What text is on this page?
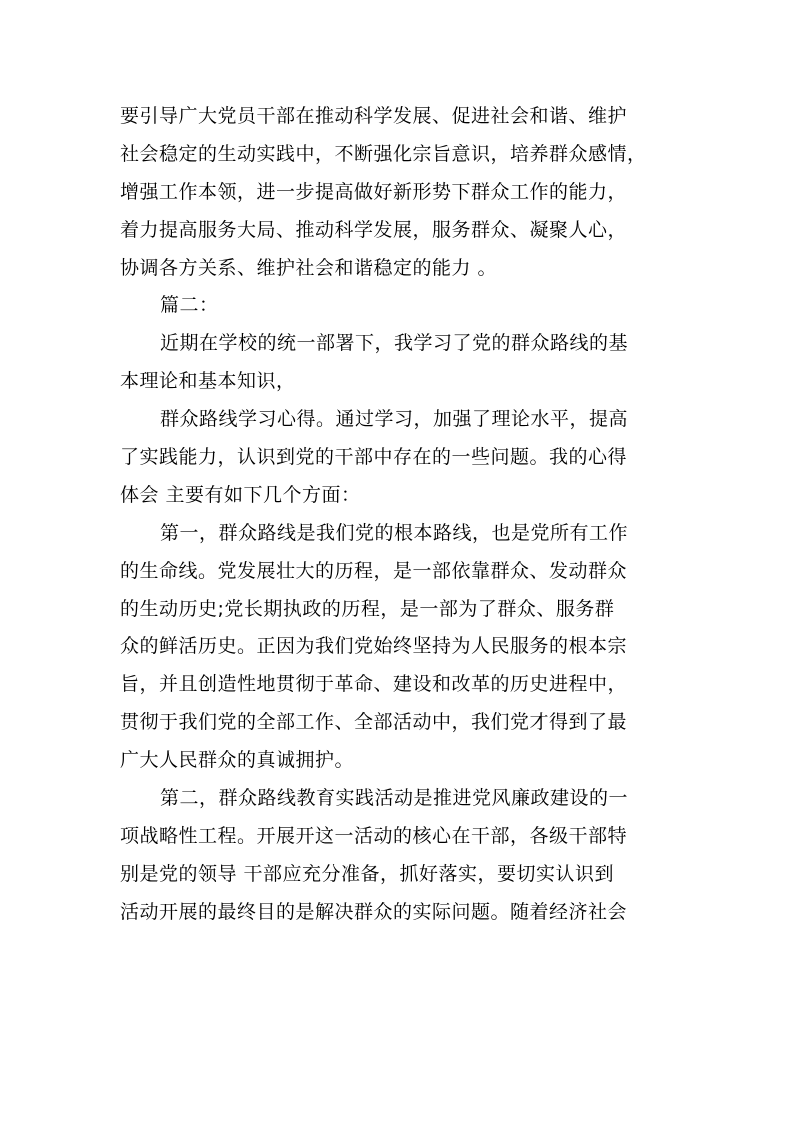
要引导广大党员干部在推动科学发展、促进社会和谐、维护
社会稳定的生动实践中，不断强化宗旨意识，培养群众感情，
增强工作本领，进一步提高做好新形势下群众工作的能力，
着力提高服务大局、推动科学发展，服务群众、凝聚人心，
协调各方关系、维护社会和谐稳定的能力 。
篇二：
近期在学校的统一部署下，我学习了党的群众路线的基
本理论和基本知识，
群众路线学习心得。通过学习，加强了理论水平，提高
了实践能力，认识到党的干部中存在的一些问题。我的心得
体会 主要有如下几个方面：
第一，群众路线是我们党的根本路线，也是党所有工作
的生命线。党发展壮大的历程，是一部依靠群众、发动群众
的生动历史;党长期执政的历程，是一部为了群众、服务群
众的鲜活历史。正因为我们党始终坚持为人民服务的根本宗
旨，并且创造性地贯彻于革命、建设和改革的历史进程中，
贯彻于我们党的全部工作、全部活动中，我们党才得到了最
广大人民群众的真诚拥护。
第二，群众路线教育实践活动是推进党风廉政建设的一
项战略性工程。开展开这一活动的核心在干部，各级干部特
别是党的领导 干部应充分准备，抓好落实，要切实认识到
活动开展的最终目的是解决群众的实际问题。随着经济社会
